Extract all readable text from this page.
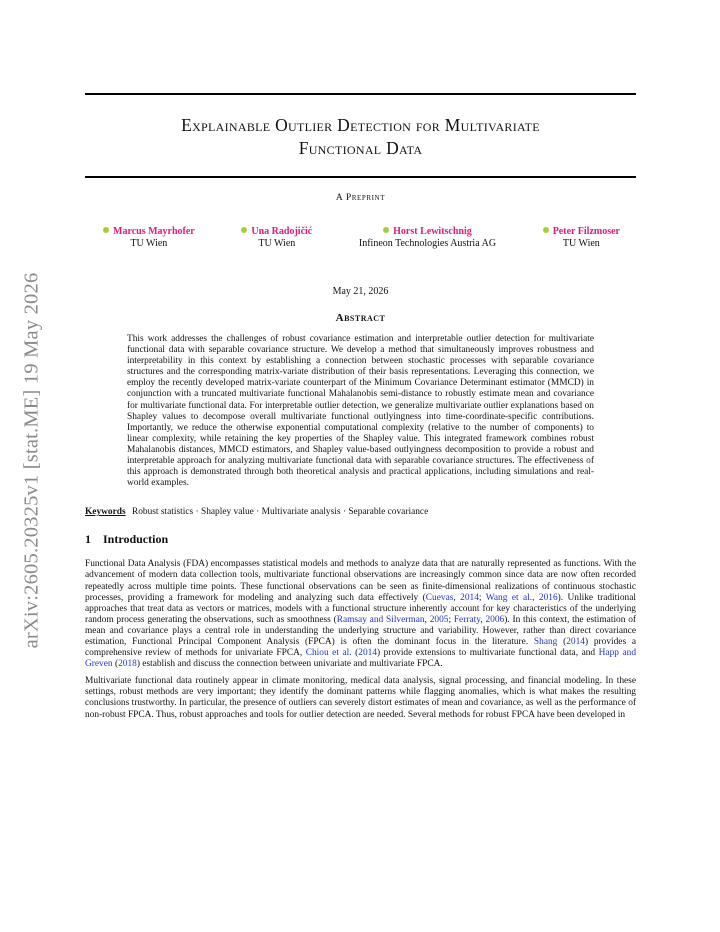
arXiv:2605.20325v1 [stat.ME] 19 May 2026
Explainable Outlier Detection for Multivariate
Functional Data
A Preprint
Marcus Mayrhofer
TU Wien
Una Radojičić
TU Wien
Horst Lewitschnig
Infineon Technologies Austria AG
Peter Filzmoser
TU Wien
May 21, 2026
Abstract
This work addresses the challenges of robust covariance estimation and interpretable outlier detection for multivariate functional data with separable covariance structure. We develop a method that simultaneously improves robustness and interpretability in this context by establishing a connection between stochastic processes with separable covariance structures and the corresponding matrix-variate distribution of their basis representations. Leveraging this connection, we employ the recently developed matrix-variate counterpart of the Minimum Covariance Determinant estimator (MMCD) in conjunction with a truncated multivariate functional Mahalanobis semi-distance to robustly estimate mean and covariance for multivariate functional data. For interpretable outlier detection, we generalize multivariate outlier explanations based on Shapley values to decompose overall multivariate functional outlyingness into time-coordinate-specific contributions. Importantly, we reduce the otherwise exponential computational complexity (relative to the number of components) to linear complexity, while retaining the key properties of the Shapley value. This integrated framework combines robust Mahalanobis distances, MMCD estimators, and Shapley value-based outlyingness decomposition to provide a robust and interpretable approach for analyzing multivariate functional data with separable covariance structures. The effectiveness of this approach is demonstrated through both theoretical analysis and practical applications, including simulations and real-world examples.
Keywords Robust statistics · Shapley value · Multivariate analysis · Separable covariance
1 Introduction
Functional Data Analysis (FDA) encompasses statistical models and methods to analyze data that are naturally represented as functions. With the advancement of modern data collection tools, multivariate functional observations are increasingly common since data are now often recorded repeatedly across multiple time points. These functional observations can be seen as finite-dimensional realizations of continuous stochastic processes, providing a framework for modeling and analyzing such data effectively (Cuevas, 2014; Wang et al., 2016). Unlike traditional approaches that treat data as vectors or matrices, models with a functional structure inherently account for key characteristics of the underlying random process generating the observations, such as smoothness (Ramsay and Silverman, 2005; Ferraty, 2006). In this context, the estimation of mean and covariance plays a central role in understanding the underlying structure and variability. However, rather than direct covariance estimation, Functional Principal Component Analysis (FPCA) is often the dominant focus in the literature. Shang (2014) provides a comprehensive review of methods for univariate FPCA, Chiou et al. (2014) provide extensions to multivariate functional data, and Happ and Greven (2018) establish and discuss the connection between univariate and multivariate FPCA.
Multivariate functional data routinely appear in climate monitoring, medical data analysis, signal processing, and financial modeling. In these settings, robust methods are very important; they identify the dominant patterns while flagging anomalies, which is what makes the resulting conclusions trustworthy. In particular, the presence of outliers can severely distort estimates of mean and covariance, as well as the performance of non-robust FPCA. Thus, robust approaches and tools for outlier detection are needed. Several methods for robust FPCA have been developed in
